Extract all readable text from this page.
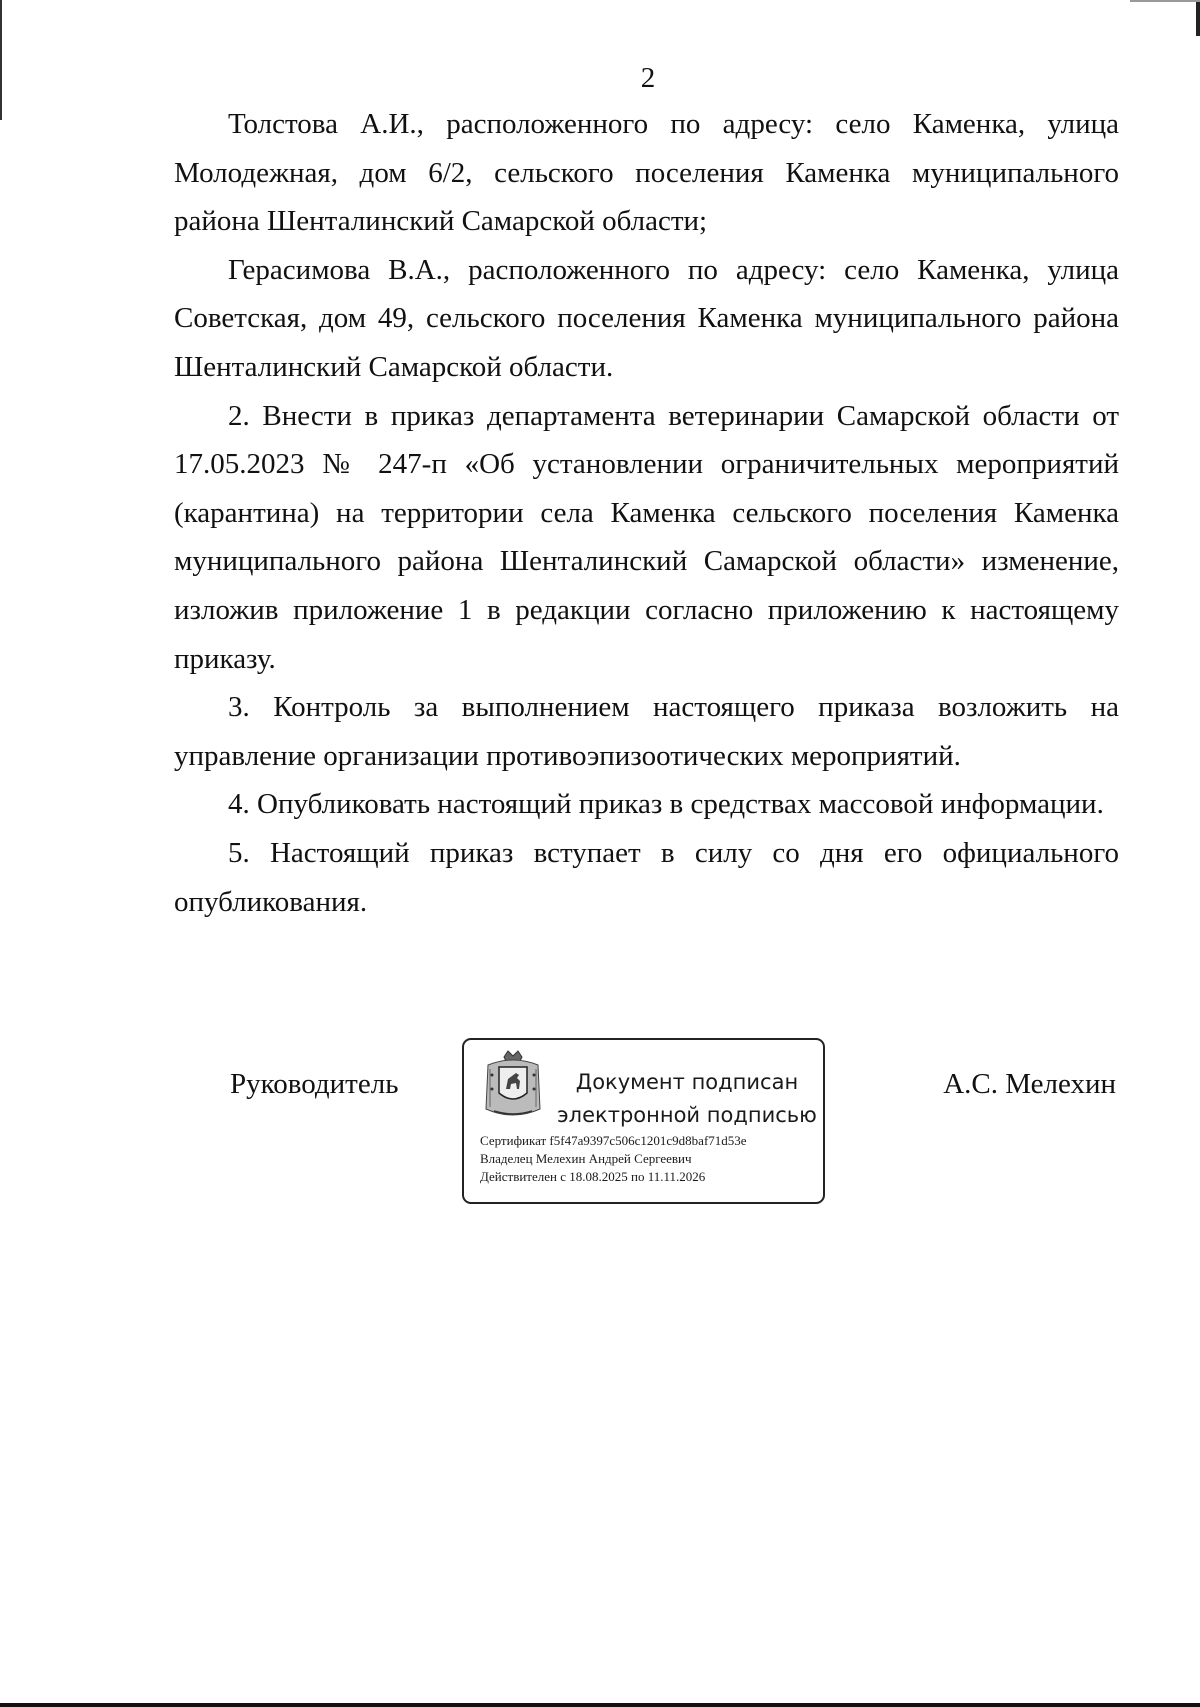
2

Толстова А.И., расположенного по адресу: село Каменка, улица Молодежная, дом 6/2, сельского поселения Каменка муниципального района Шенталинский Самарской области;

Герасимова В.А., расположенного по адресу: село Каменка, улица Советская, дом 49, сельского поселения Каменка муниципального района Шенталинский Самарской области.

2. Внести в приказ департамента ветеринарии Самарской области от 17.05.2023 № 247-п «Об установлении ограничительных мероприятий (карантина) на территории села Каменка сельского поселения Каменка муниципального района Шенталинский Самарской области» изменение, изложив приложение 1 в редакции согласно приложению к настоящему приказу.

3. Контроль за выполнением настоящего приказа возложить на управление организации противоэпизоотических мероприятий.

4. Опубликовать настоящий приказ в средствах массовой информации.

5. Настоящий приказ вступает в силу со дня его официального опубликования.

Руководитель	Документ подписан
электронной подписью
Сертификат f5f47a9397c506c1201c9d8baf71d53e
Владелец Мелехин Андрей Сергеевич
Действителен с 18.08.2025 по 11.11.2026
А.С. Мелехин
